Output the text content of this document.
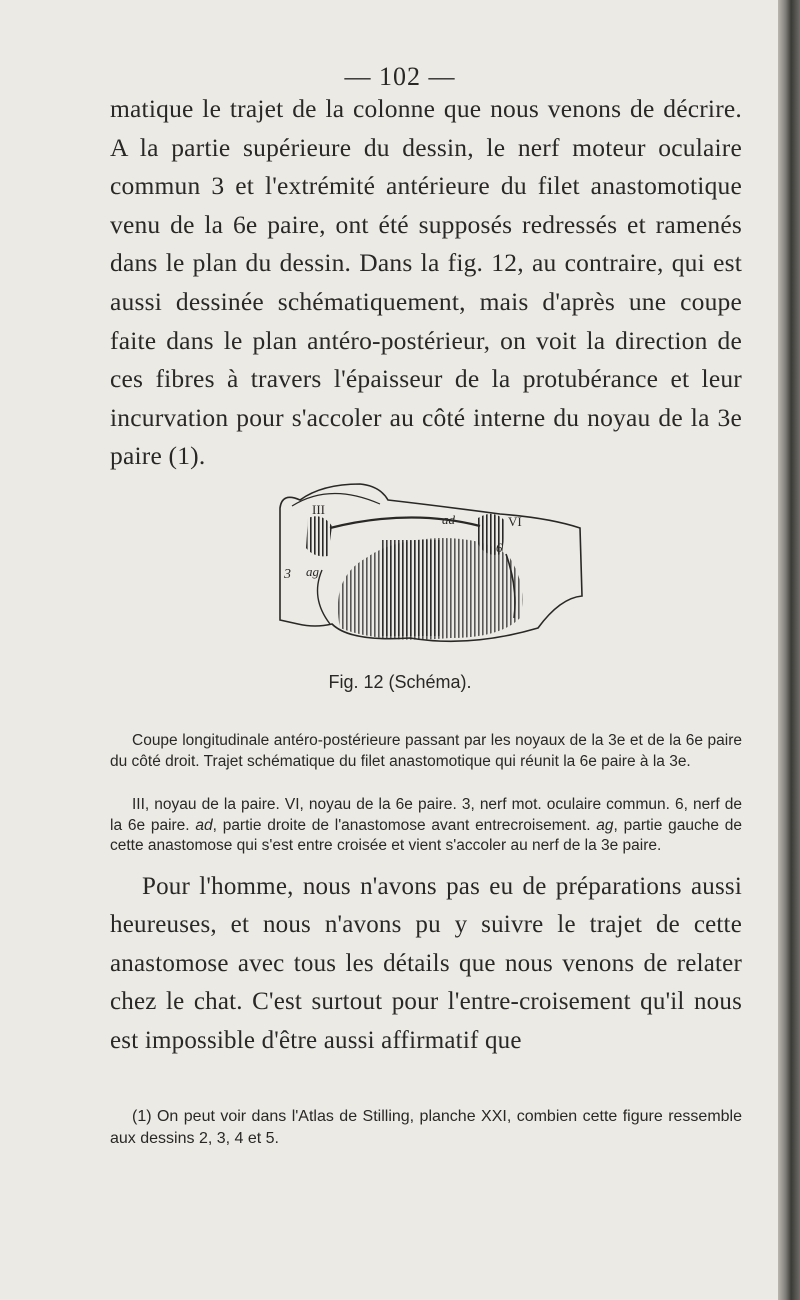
— 102 —

matique le trajet de la colonne que nous venons de décrire. A la partie supérieure du dessin, le nerf moteur oculaire commun 3 et l'extrémité antérieure du filet anastomotique venu de la 6e paire, ont été supposés redressés et ramenés dans le plan du dessin. Dans la fig. 12, au contraire, qui est aussi dessinée schématiquement, mais d'après une coupe faite dans le plan antéro-postérieur, on voit la direction de ces fibres à travers l'épaisseur de la protubérance et leur incurvation pour s'accoler au côté interne du noyau de la 3e paire (1).

III
VI
3
6
ad
ag
Fig. 12 (Schéma).

Coupe longitudinale antéro-postérieure passant par les noyaux de la 3e et de la 6e paire du côté droit. Trajet schématique du filet anastomotique qui réunit la 6e paire à la 3e.

III, noyau de la paire. VI, noyau de la 6e paire. 3, nerf mot. oculaire commun. 6, nerf de la 6e paire. ad, partie droite de l'anastomose avant entrecroisement. ag, partie gauche de cette anastomose qui s'est entre croisée et vient s'accoler au nerf de la 3e paire.

Pour l'homme, nous n'avons pas eu de préparations aussi heureuses, et nous n'avons pu y suivre le trajet de cette anastomose avec tous les détails que nous venons de relater chez le chat. C'est surtout pour l'entre-croisement qu'il nous est impossible d'être aussi affirmatif que

(1) On peut voir dans l'Atlas de Stilling, planche XXI, combien cette figure ressemble aux dessins 2, 3, 4 et 5.
